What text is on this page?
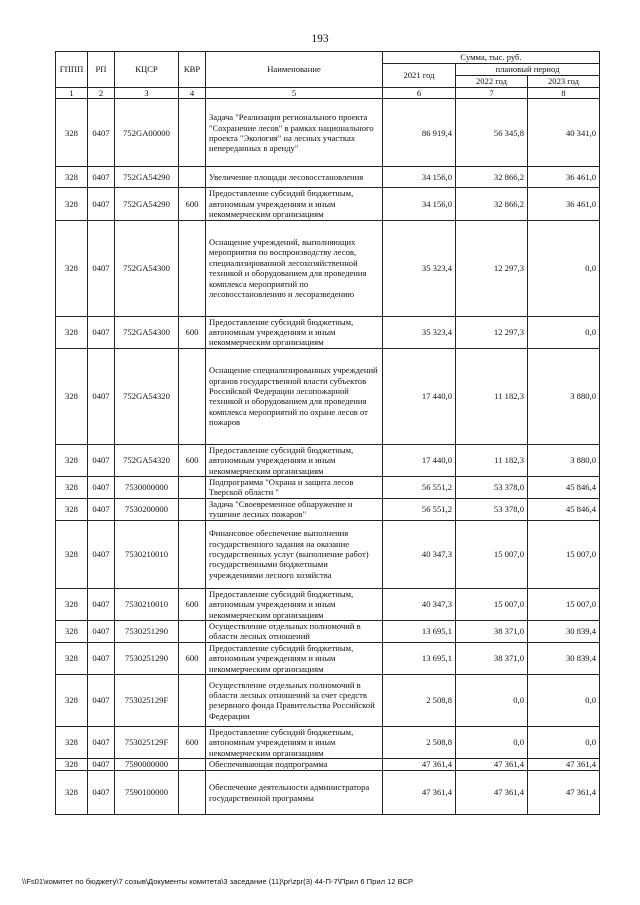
193
ГППП	РП	КЦСР	КВР	Наименование	Сумма, тыс. руб.		
					2021 год	плановый период	
						2022 год	2023 год
1	2	3	4	5	6	7	8
328	0407	752GA00000		Задача "Реализация регионального проекта "Сохранение лесов" в рамках национального проекта "Экология" на лесных участках непереданных в аренду"	86 919,4	56 345,8	40 341,0
328	0407	752GA54290		Увеличение площади лесовосстановления	34 156,0	32 866,2	36 461,0
328	0407	752GA54290	600	Предоставление субсидий бюджетным, автономным учреждениям и иным некоммерческим организациям	34 156,0	32 866,2	36 461,0
328	0407	752GA54300		Оснащение учреждений, выполняющих мероприятия по воспроизводству лесов, специализированной лесохозяйственной техникой и оборудованием для проведения комплекса мероприятий по лесовосстановлению и лесоразведению	35 323,4	12 297,3	0,0
328	0407	752GA54300	600	Предоставление субсидий бюджетным, автономным учреждениям и иным некоммерческим организациям	35 323,4	12 297,3	0,0
328	0407	752GA54320		Оснащение специализированных учреждений органов государственной власти субъектов Российской Федерации лесопожарной техникой и оборудованием для проведения комплекса мероприятий по охране лесов от пожаров	17 440,0	11 182,3	3 880,0
328	0407	752GA54320	600	Предоставление субсидий бюджетным, автономным учреждениям и иным некоммерческим организациям	17 440,0	11 182,3	3 880,0
328	0407	7530000000		Подпрограмма "Охрана и защита лесов Тверской области "	56 551,2	53 378,0	45 846,4
328	0407	7530200000		Задача "Своевременное обнаружение и тушение лесных пожаров"	56 551,2	53 378,0	45 846,4
328	0407	7530210010		Финансовое обеспечение выполнения государственного задания на оказание государственных услуг (выполнение работ) государственными бюджетными учреждениями лесного хозяйства	40 347,3	15 007,0	15 007,0
328	0407	7530210010	600	Предоставление субсидий бюджетным, автономным учреждениям и иным некоммерческим организациям	40 347,3	15 007,0	15 007,0
328	0407	7530251290		Осуществление отдельных полномочий в области лесных отношений	13 695,1	38 371,0	30 839,4
328	0407	7530251290	600	Предоставление субсидий бюджетным, автономным учреждениям и иным некоммерческим организациям	13 695,1	38 371,0	30 839,4
328	0407	753025129F		Осуществление отдельных полномочий в области лесных отношений за счет средств резервного фонда Правительства Российской Федерации	2 508,8	0,0	0,0
328	0407	753025129F	600	Предоставление субсидий бюджетным, автономным учреждениям и иным некоммерческим организациям	2 508,8	0,0	0,0
328	0407	7590000000		Обеспечивающая подпрограмма	47 361,4	47 361,4	47 361,4
328	0407	7590100000		Обеспечение деятельности администратора государственной программы	47 361,4	47 361,4	47 361,4
\\Fs01\комитет по бюджету\7 созыв\Документы комитета\3 заседание (11)\pr\zpr(3) 44-П-7\Прил 6 Прил 12 ВСР
